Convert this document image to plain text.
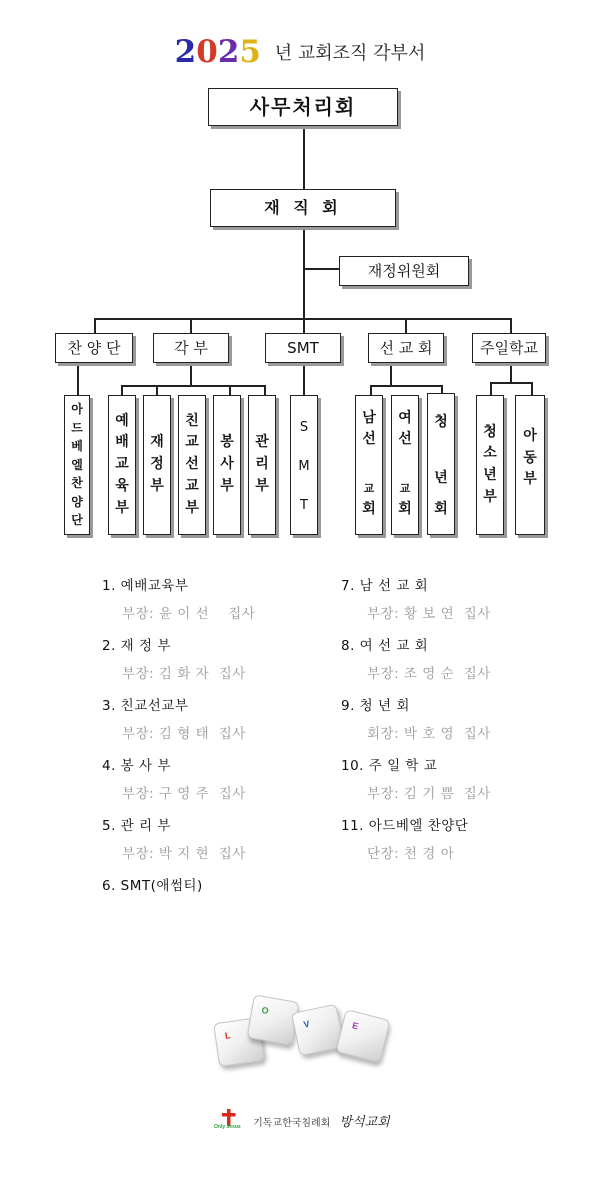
2025 년 교회조직 각부서
사무처리회
재 직 회
재정위원회
찬 양 단	각 부	SMT	선 교 회	주일학교
아드베엘찬양단
예배교육부
재정부
친교선교부
봉사부
관리부
S
M
T
남
선
교
회
여
선
교
회
청
년
회
청소년부
아동부
1. 예배교육부
부장: 윤 이 선    집사
2. 재 정 부
부장: 김 화 자  집사
3. 친교선교부
부장: 김 형 태  집사
4. 봉 사 부
부장: 구 영 주  집사
5. 관 리 부
부장: 박 지 현  집사
6. SMT(애썸티)
7. 남 선 교 회
부장: 황 보 연  집사
8. 여 선 교 회
부장: 조 영 순  집사
9. 청 년 회
회장: 박 호 영  집사
10. 주 일 학 교
부장: 김 기 쁨  집사
11. 아드베엘 찬양단
단장: 천 경 아
L
O
V	E
Only Jesus 기독교한국침례회 방석교회
